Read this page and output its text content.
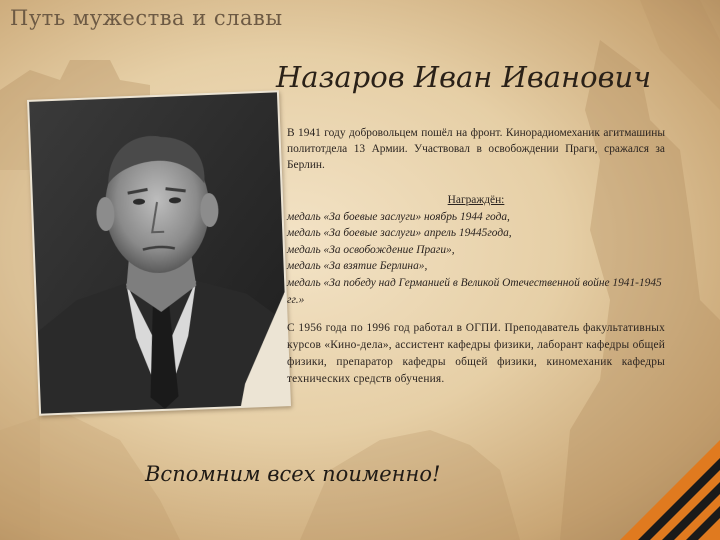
Путь мужества и славы
Назаров Иван Иванович
В 1941 году добровольцем пошёл на фронт. Кинорадиомеханик агитмашины политотдела 13 Армии. Участвовал в освобождении Праги, сражался за Берлин.
Награждён:

медаль «За боевые заслуги» ноябрь 1944 года,

медаль «За боевые заслуги» апрель 19445года,

медаль «За освобождение Праги»,

медаль «За взятие Берлина»,

медаль «За победу над Германией в Великой Отечественной войне 1941-1945 гг.»

С 1956 года по 1996 год работал в ОГПИ. Преподаватель факультативных курсов «Кино-дела», ассистент кафедры физики, лаборант кафедры общей физики, препаратор кафедры общей физики, киномеханик кафедры технических средств обучения.
Вспомним всех поименно!
